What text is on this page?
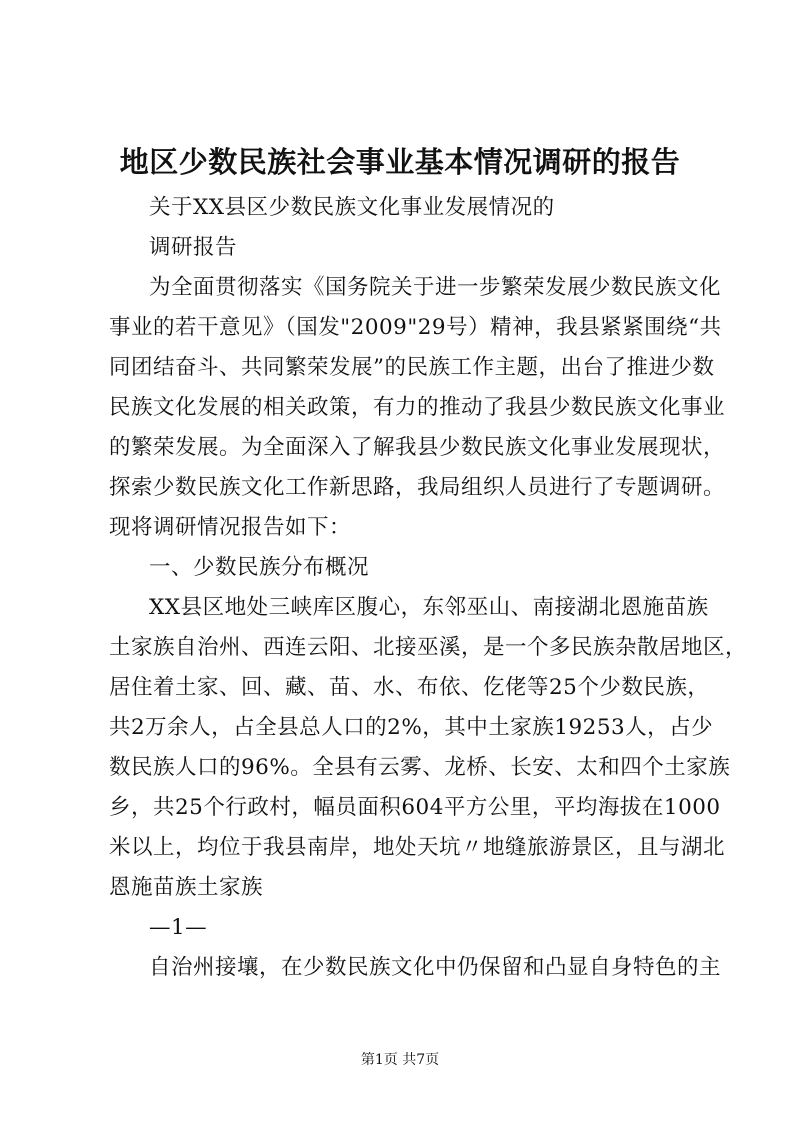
地区少数民族社会事业基本情况调研的报告
关于XX县区少数民族文化事业发展情况的
调研报告
为全面贯彻落实《国务院关于进一步繁荣发展少数民族文化
事业的若干意见》（国发"2009"29号）精神，我县紧紧围绕“共
同团结奋斗、共同繁荣发展”的民族工作主题，出台了推进少数
民族文化发展的相关政策，有力的推动了我县少数民族文化事业
的繁荣发展。为全面深入了解我县少数民族文化事业发展现状，
探索少数民族文化工作新思路，我局组织人员进行了专题调研。
现将调研情况报告如下：
一、少数民族分布概况
XX县区地处三峡库区腹心，东邻巫山、南接湖北恩施苗族
土家族自治州、西连云阳、北接巫溪，是一个多民族杂散居地区，
居住着土家、回、藏、苗、水、布依、仡佬等25个少数民族，
共2万余人，占全县总人口的2%，其中土家族19253人，占少
数民族人口的96%。全县有云雾、龙桥、长安、太和四个土家族
乡，共25个行政村，幅员面积604平方公里，平均海拔在1000
米以上，均位于我县南岸，地处天坑〃地缝旅游景区，且与湖北
恩施苗族土家族
—1—
自治州接壤，在少数民族文化中仍保留和凸显自身特色的主
第1页 共7页
